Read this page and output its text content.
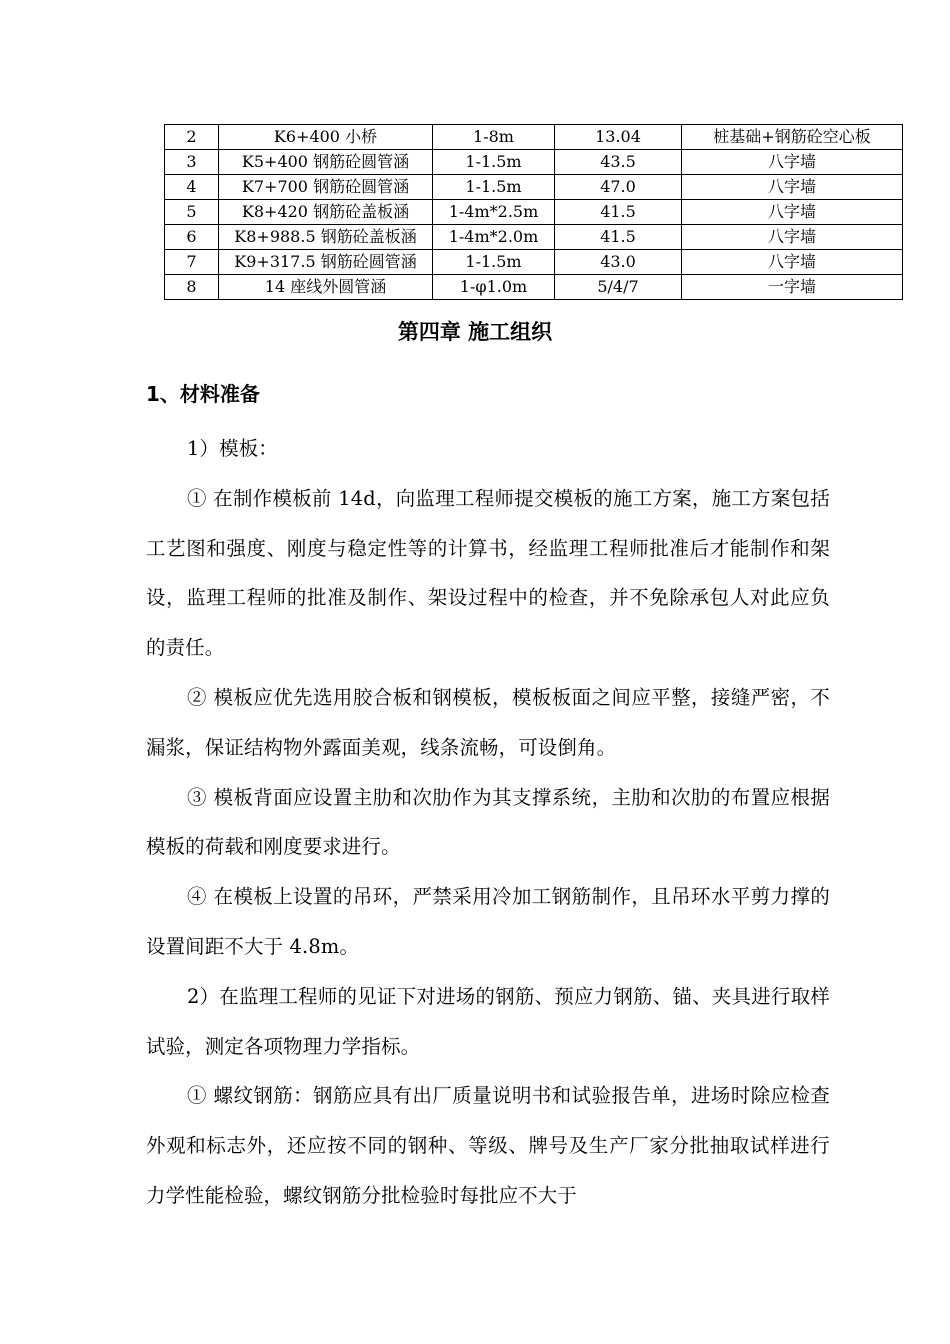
2	K6+400 小桥	1-8m	13.04	桩基础+钢筋砼空心板
3	K5+400 钢筋砼圆管涵	1-1.5m	43.5	八字墙
4	K7+700 钢筋砼圆管涵	1-1.5m	47.0	八字墙
5	K8+420 钢筋砼盖板涵	1-4m*2.5m	41.5	八字墙
6	K8+988.5 钢筋砼盖板涵	1-4m*2.0m	41.5	八字墙
7	K9+317.5 钢筋砼圆管涵	1-1.5m	43.0	八字墙
8	14 座线外圆管涵	1-φ1.0m	5/4/7	一字墙
第四章 施工组织
1、材料准备

1）模板：

① 在制作模板前 14d，向监理工程师提交模板的施工方案，施工方案包括工艺图和强度、刚度与稳定性等的计算书，经监理工程师批准后才能制作和架设，监理工程师的批准及制作、架设过程中的检查，并不免除承包人对此应负的责任。

② 模板应优先选用胶合板和钢模板，模板板面之间应平整，接缝严密，不漏浆，保证结构物外露面美观，线条流畅，可设倒角。

③ 模板背面应设置主肋和次肋作为其支撑系统，主肋和次肋的布置应根据模板的荷载和刚度要求进行。

④ 在模板上设置的吊环，严禁采用冷加工钢筋制作，且吊环水平剪力撑的设置间距不大于 4.8m。

2）在监理工程师的见证下对进场的钢筋、预应力钢筋、锚、夹具进行取样试验，测定各项物理力学指标。

① 螺纹钢筋：钢筋应具有出厂质量说明书和试验报告单，进场时除应检查外观和标志外，还应按不同的钢种、等级、牌号及生产厂家分批抽取试样进行力学性能检验，螺纹钢筋分批检验时每批应不大于
